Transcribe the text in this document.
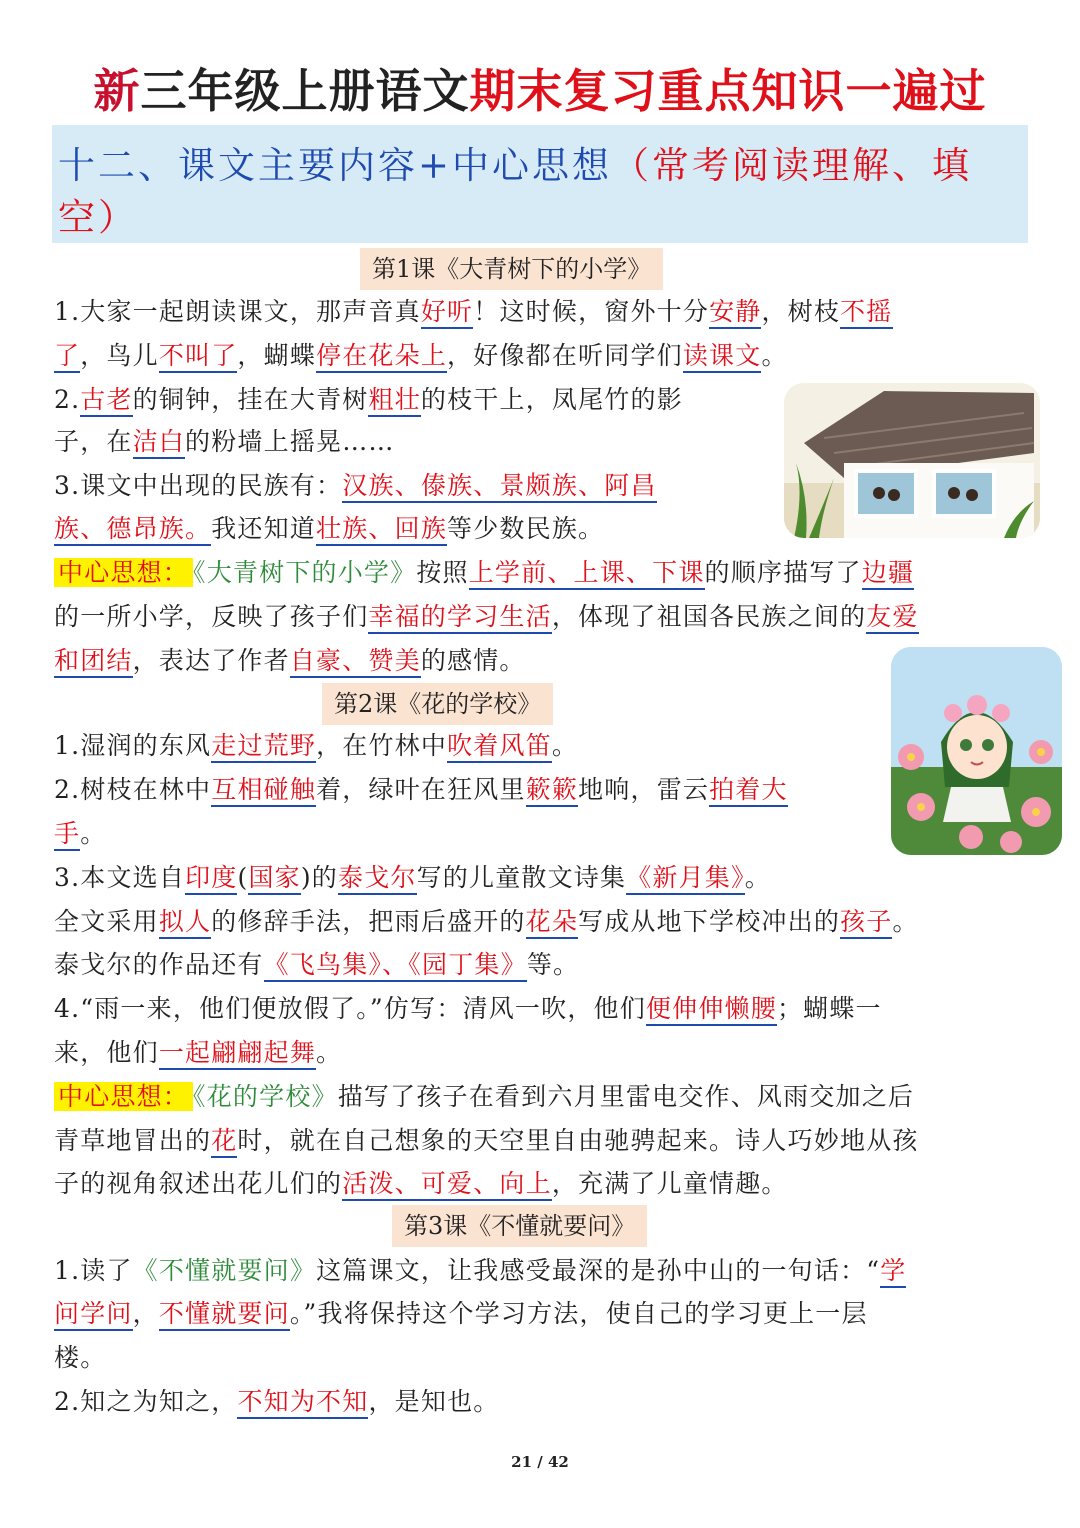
新三年级上册语文期末复习重点知识一遍过
十二、课文主要内容+中心思想（常考阅读理解、填
空）
第1课《大青树下的小学》
1.大家一起朗读课文，那声音真好听！这时候，窗外十分安静，树枝不摇
了，鸟儿不叫了，蝴蝶停在花朵上，好像都在听同学们读课文。
2.古老的铜钟，挂在大青树粗壮的枝干上，凤尾竹的影
子，在洁白的粉墙上摇晃……
3.课文中出现的民族有：汉族、傣族、景颇族、阿昌
族、德昂族。我还知道壮族、回族等少数民族。
中心思想： 《大青树下的小学》按照上学前、上课、下课的顺序描写了边疆
的一所小学，反映了孩子们幸福的学习生活，体现了祖国各民族之间的友爱
和团结，表达了作者自豪、赞美的感情。
第2课《花的学校》
1.湿润的东风走过荒野，在竹林中吹着风笛。
2.树枝在林中互相碰触着，绿叶在狂风里簌簌地响，雷云拍着大
手。
3.本文选自印度(国家)的泰戈尔写的儿童散文诗集《新月集》。
全文采用拟人的修辞手法，把雨后盛开的花朵写成从地下学校冲出的孩子。
泰戈尔的作品还有《飞鸟集》、《园丁集》等。
4.“雨一来，他们便放假了。”仿写：清风一吹，他们便伸伸懒腰；蝴蝶一
来，他们一起翩翩起舞。
中心思想： 《花的学校》描写了孩子在看到六月里雷电交作、风雨交加之后
青草地冒出的花时，就在自己想象的天空里自由驰骋起来。诗人巧妙地从孩
子的视角叙述出花儿们的活泼、可爱、向上，充满了儿童情趣。
第3课《不懂就要问》
1.读了《不懂就要问》这篇课文，让我感受最深的是孙中山的一句话：“学
问学问，不懂就要问。”我将保持这个学习方法，使自己的学习更上一层
楼。
2.知之为知之，不知为不知，是知也。
21 / 42
